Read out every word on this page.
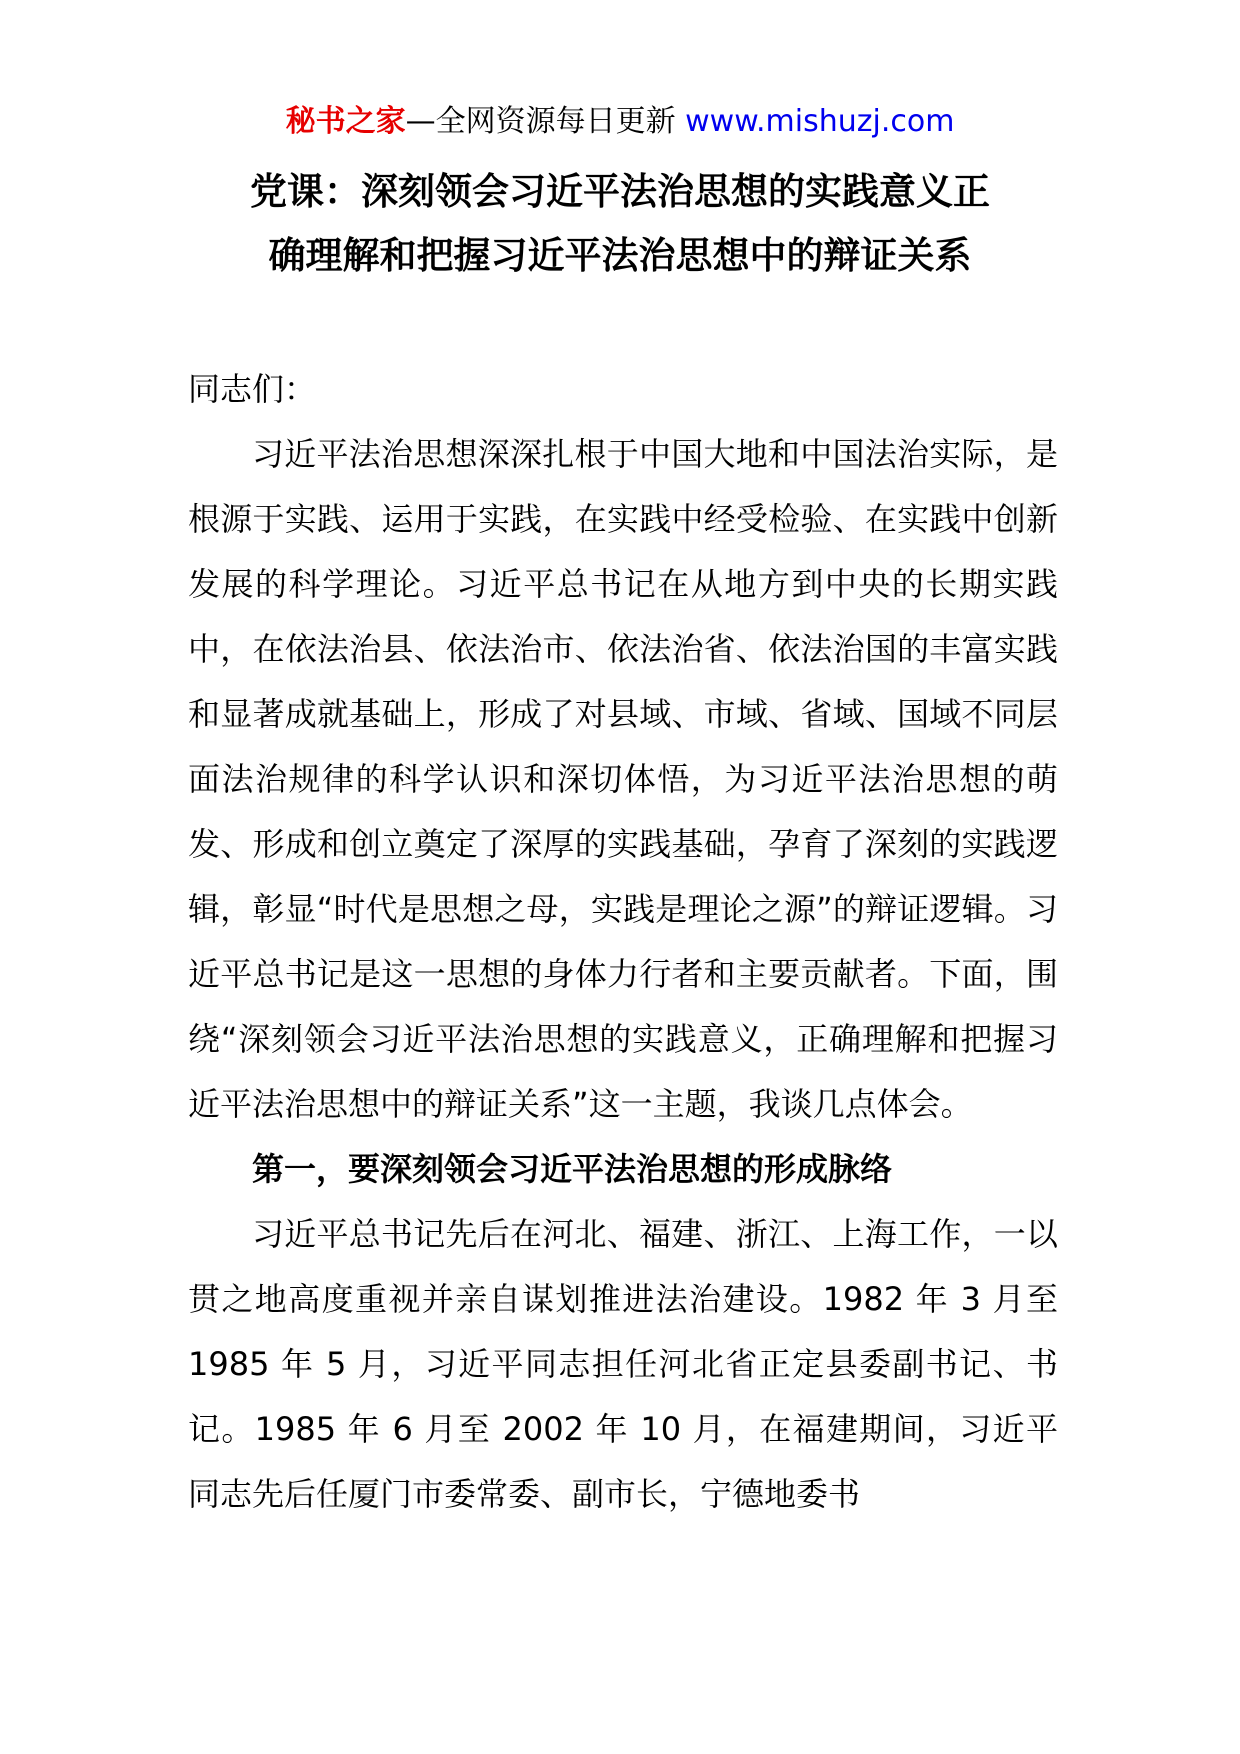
秘书之家—全网资源每日更新 www.mishuzj.com
党课：深刻领会习近平法治思想的实践意义正
确理解和把握习近平法治思想中的辩证关系

同志们：

习近平法治思想深深扎根于中国大地和中国法治实际，是根源于实践、运用于实践，在实践中经受检验、在实践中创新发展的科学理论。习近平总书记在从地方到中央的长期实践中，在依法治县、依法治市、依法治省、依法治国的丰富实践和显著成就基础上，形成了对县域、市域、省域、国域不同层面法治规律的科学认识和深切体悟，为习近平法治思想的萌发、形成和创立奠定了深厚的实践基础，孕育了深刻的实践逻辑，彰显“时代是思想之母，实践是理论之源”的辩证逻辑。习近平总书记是这一思想的身体力行者和主要贡献者。下面，围绕“深刻领会习近平法治思想的实践意义，正确理解和把握习近平法治思想中的辩证关系”这一主题，我谈几点体会。

第一，要深刻领会习近平法治思想的形成脉络

习近平总书记先后在河北、福建、浙江、上海工作，一以贯之地高度重视并亲自谋划推进法治建设。1982 年 3 月至 1985 年 5 月，习近平同志担任河北省正定县委副书记、书记。1985 年 6 月至 2002 年 10 月，在福建期间，习近平同志先后任厦门市委常委、副市长，宁德地委书
